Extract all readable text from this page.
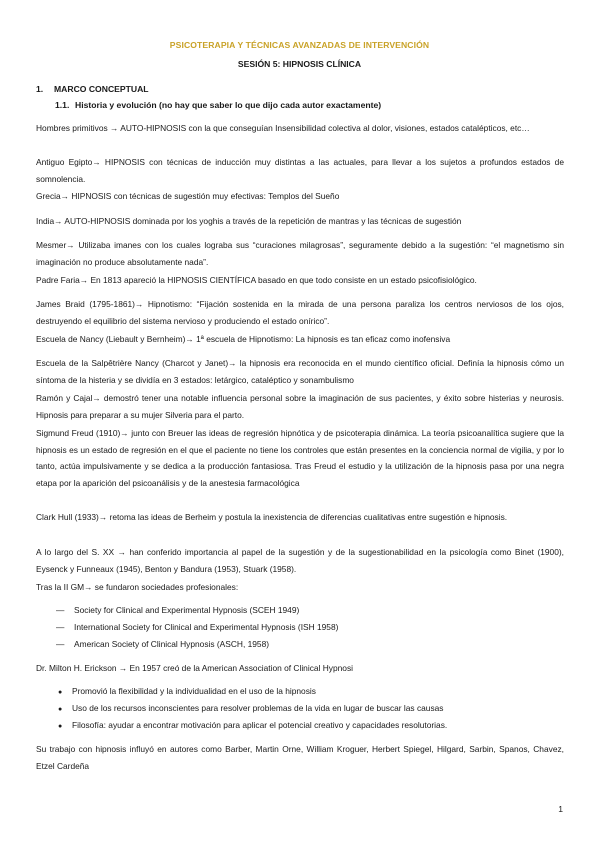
PSICOTERAPIA Y TÉCNICAS AVANZADAS DE INTERVENCIÓN
SESIÓN 5: HIPNOSIS CLÍNICA
1. MARCO CONCEPTUAL
1.1. Historia y evolución (no hay que saber lo que dijo cada autor exactamente)

Hombres primitivos → AUTO-HIPNOSIS con la que conseguían Insensibilidad colectiva al dolor, visiones, estados catalépticos, etc…

Antiguo Egipto→ HIPNOSIS con técnicas de inducción muy distintas a las actuales, para llevar a los sujetos a profundos estados de somnolencia.

Grecia→ HIPNOSIS con técnicas de sugestión muy efectivas: Templos del Sueño

India→ AUTO-HIPNOSIS dominada por los yoghis a través de la repetición de mantras y las técnicas de sugestión

Mesmer→ Utilizaba imanes con los cuales lograba sus “curaciones milagrosas”, seguramente debido a la sugestión: “el magnetismo sin imaginación no produce absolutamente nada”.

Padre Faria→ En 1813 apareció la HIPNOSIS CIENTÍFICA basado en que todo consiste en un estado psicofisiológico.

James Braid (1795-1861)→ Hipnotismo: “Fijación sostenida en la mirada de una persona paraliza los centros nerviosos de los ojos, destruyendo el equilibrio del sistema nervioso y produciendo el estado onírico”.

Escuela de Nancy (Liebault y Bernheim)→ 1ª escuela de Hipnotismo: La hipnosis es tan eficaz como inofensiva

Escuela de la Salpêtrière Nancy (Charcot y Janet)→ la hipnosis era reconocida en el mundo científico oficial. Definía la hipnosis cómo un síntoma de la histeria y se dividía en 3 estados: letárgico, cataléptico y sonambulismo

Ramón y Cajal→ demostró tener una notable influencia personal sobre la imaginación de sus pacientes, y éxito sobre histerias y neurosis. Hipnosis para preparar a su mujer Silveria para el parto.

Sigmund Freud (1910)→ junto con Breuer las ideas de regresión hipnótica y de psicoterapia dinámica. La teoría psicoanalítica sugiere que la hipnosis es un estado de regresión en el que el paciente no tiene los controles que están presentes en la conciencia normal de vigilia, y por lo tanto, actúa impulsivamente y se dedica a la producción fantasiosa. Tras Freud el estudio y la utilización de la hipnosis pasa por una negra etapa por la aparición del psicoanálisis y de la anestesia farmacológica

Clark Hull (1933)→ retoma las ideas de Berheim y postula la inexistencia de diferencias cualitativas entre sugestión e hipnosis.

A lo largo del S. XX → han conferido importancia al papel de la sugestión y de la sugestionabilidad en la psicología como Binet (1900), Eysenck y Funneaux (1945), Benton y Bandura (1953), Stuark (1958).

Tras la II GM→ se fundaron sociedades profesionales:

— Society for Clinical and Experimental Hypnosis (SCEH 1949)
— International Society for Clinical and Experimental Hypnosis (ISH 1958)
— American Society of Clinical Hypnosis (ASCH, 1958)

Dr. Milton H. Erickson → En 1957 creó de la American Association of Clinical Hypnosi

● Promovió la flexibilidad y la individualidad en el uso de la hipnosis
● Uso de los recursos inconscientes para resolver problemas de la vida en lugar de buscar las causas
● Filosofía: ayudar a encontrar motivación para aplicar el potencial creativo y capacidades resolutorias.

Su trabajo con hipnosis influyó en autores como Barber, Martin Orne, William Kroguer, Herbert Spiegel, Hilgard, Sarbin, Spanos, Chavez, Etzel Cardeña

1
